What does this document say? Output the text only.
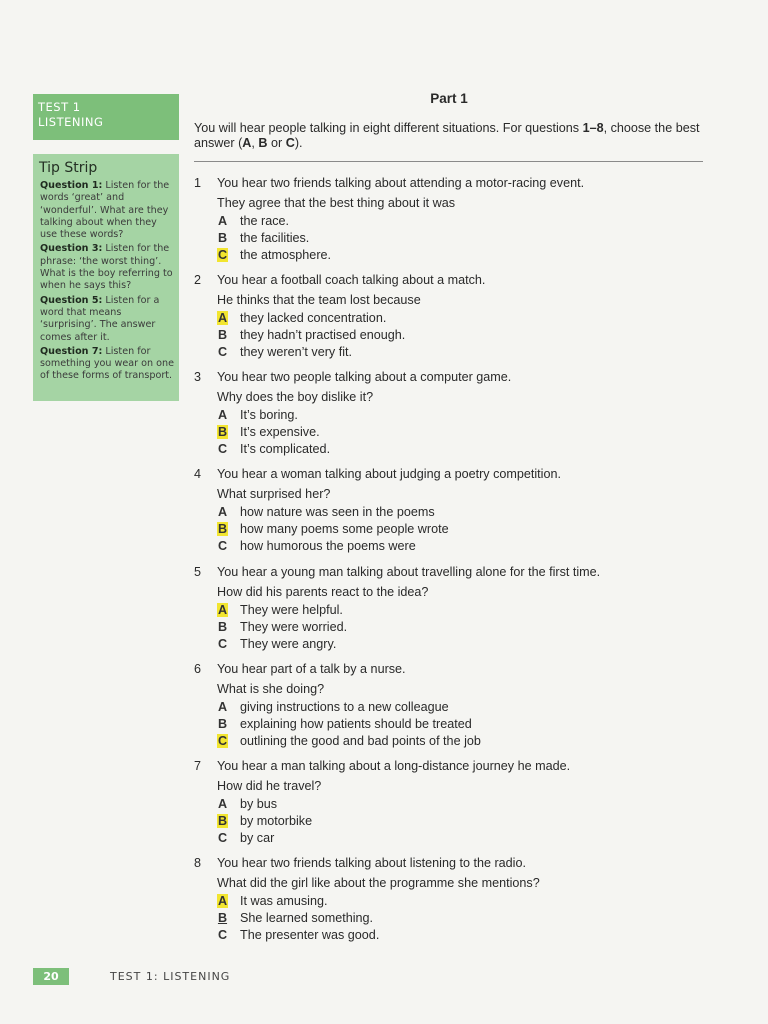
TEST 1
LISTENING
Tip Strip
Question 1: Listen for the words ‘great’ and ‘wonderful’. What are they talking about when they use these words?
Question 3: Listen for the phrase: ‘the worst thing’. What is the boy referring to when he says this?
Question 5: Listen for a word that means ‘surprising’. The answer comes after it.
Question 7: Listen for something you wear on one of these forms of transport.
Part 1
You will hear people talking in eight different situations. For questions 1–8, choose the best answer (A, B or C).
1	You hear two friends talking about attending a motor-racing event.
They agree that the best thing about it was
A the race.
B the facilities.
C the atmosphere.
2	You hear a football coach talking about a match.
He thinks that the team lost because
A they lacked concentration.
B they hadn’t practised enough.
C they weren’t very fit.
3	You hear two people talking about a computer game.
Why does the boy dislike it?
A It’s boring.
B It’s expensive.
C It’s complicated.
4	You hear a woman talking about judging a poetry competition.
What surprised her?
A how nature was seen in the poems
B how many poems some people wrote
C how humorous the poems were
5	You hear a young man talking about travelling alone for the first time.
How did his parents react to the idea?
A They were helpful.
B They were worried.
C They were angry.
6	You hear part of a talk by a nurse.
What is she doing?
A giving instructions to a new colleague
B explaining how patients should be treated
C outlining the good and bad points of the job
7	You hear a man talking about a long-distance journey he made.
How did he travel?
A by bus
B by motorbike
C by car
8	You hear two friends talking about listening to the radio.
What did the girl like about the programme she mentions?
A It was amusing.
B She learned something.
C The presenter was good.
20	TEST 1: LISTENING
